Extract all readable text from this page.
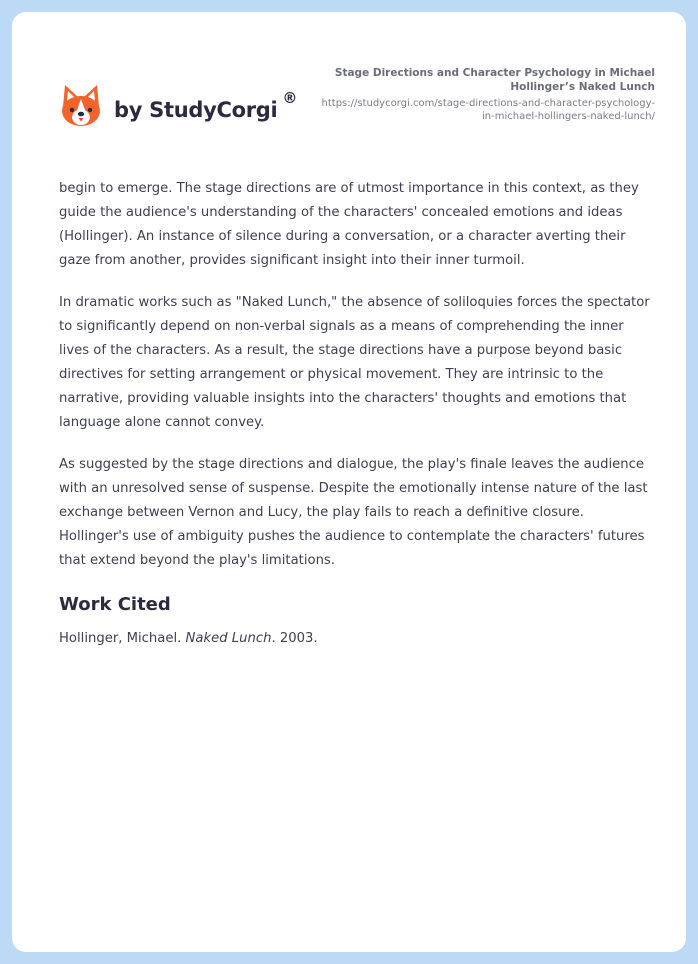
by StudyCorgi ®
Stage Directions and Character Psychology in Michael Hollinger’s Naked Lunch
https://studycorgi.com/stage-directions-and-character-psychology-in-michael-hollingers-naked-lunch/

begin to emerge. The stage directions are of utmost importance in this context, as they guide the audience's understanding of the characters' concealed emotions and ideas (Hollinger). An instance of silence during a conversation, or a character averting their gaze from another, provides significant insight into their inner turmoil.

In dramatic works such as "Naked Lunch," the absence of soliloquies forces the spectator to significantly depend on non-verbal signals as a means of comprehending the inner lives of the characters. As a result, the stage directions have a purpose beyond basic directives for setting arrangement or physical movement. They are intrinsic to the narrative, providing valuable insights into the characters' thoughts and emotions that language alone cannot convey.

As suggested by the stage directions and dialogue, the play's finale leaves the audience with an unresolved sense of suspense. Despite the emotionally intense nature of the last exchange between Vernon and Lucy, the play fails to reach a definitive closure. Hollinger's use of ambiguity pushes the audience to contemplate the characters' futures that extend beyond the play's limitations.

Work Cited

Hollinger, Michael. Naked Lunch. 2003.
